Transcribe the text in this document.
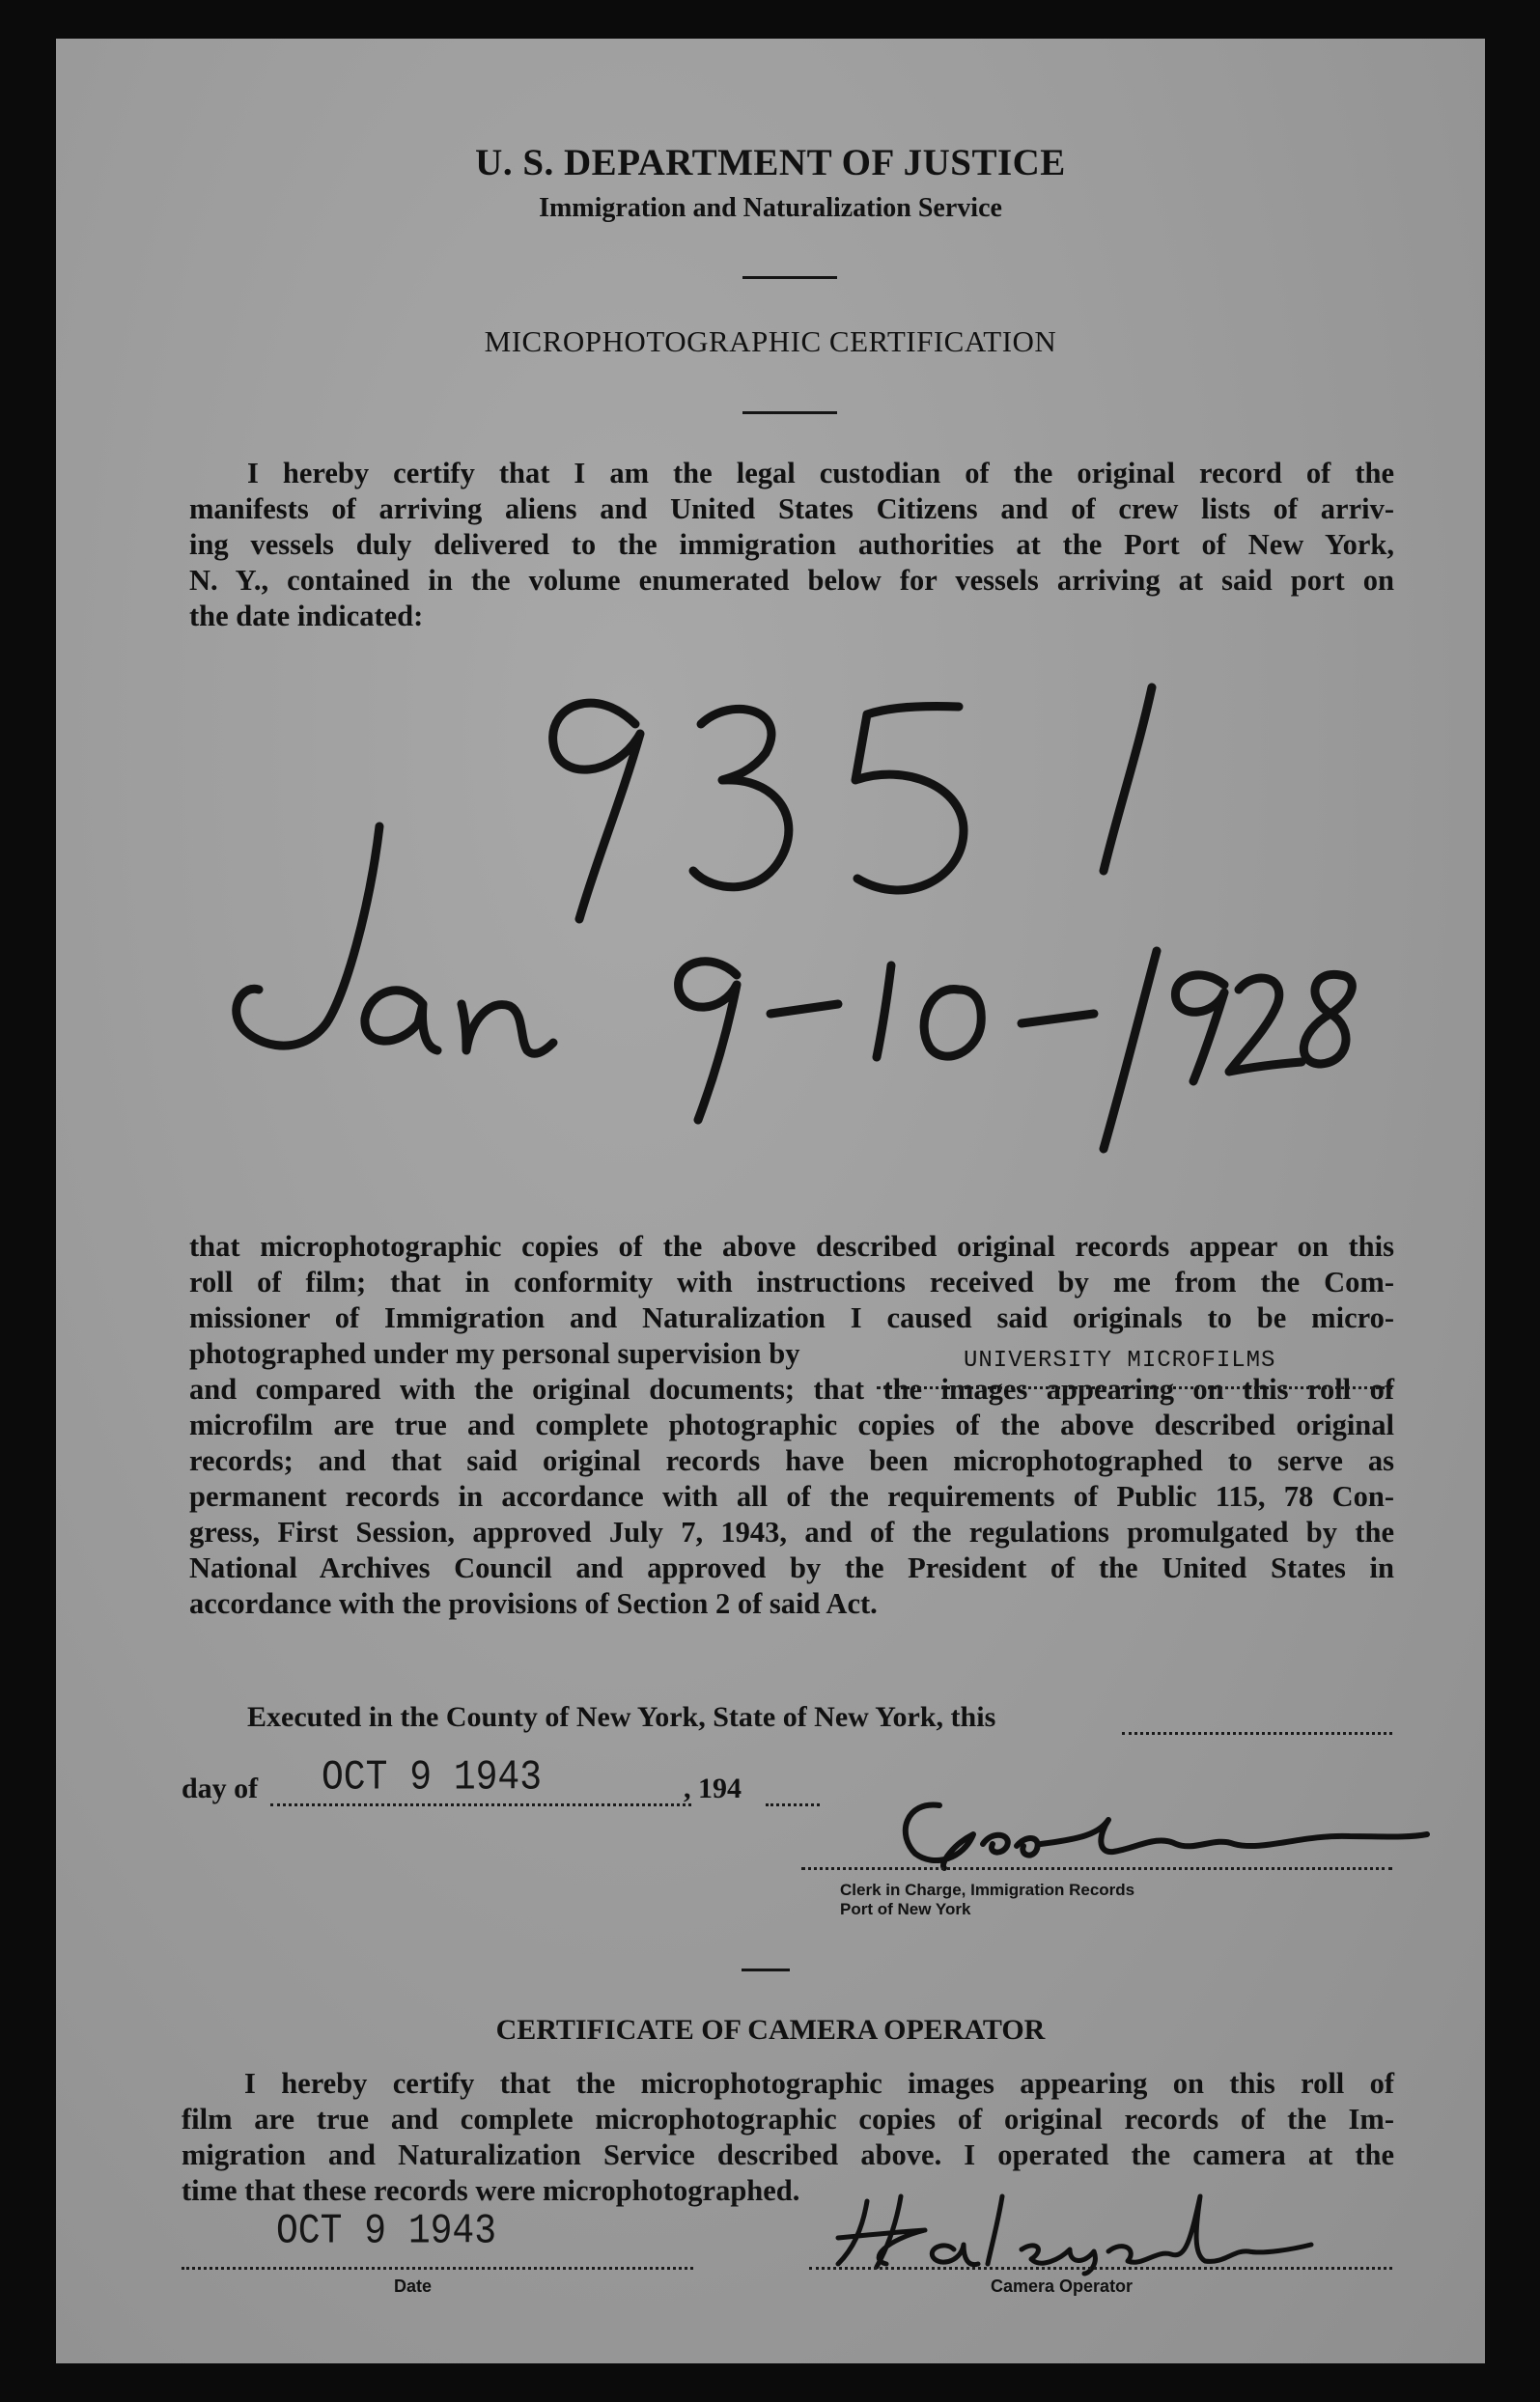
U. S. DEPARTMENT OF JUSTICE
Immigration and Naturalization Service
MICROPHOTOGRAPHIC CERTIFICATION
I hereby certify that I am the legal custodian of the original record of the
manifests of arriving aliens and United States Citizens and of crew lists of arriv-
ing vessels duly delivered to the immigration authorities at the Port of New York,
N. Y., contained in the volume enumerated below for vessels arriving at said port on
the date indicated:
that microphotographic copies of the above described original records appear on this
roll of film; that in conformity with instructions received by me from the Com-
missioner of Immigration and Naturalization I caused said originals to be micro-
photographed under my personal supervision by
and compared with the original documents; that the images appearing on this roll of
microfilm are true and complete photographic copies of the above described original
records; and that said original records have been microphotographed to serve as
permanent records in accordance with all of the requirements of Public 115, 78 Con-
gress, First Session, approved July 7, 1943, and of the regulations promulgated by the
National Archives Council and approved by the President of the United States in
accordance with the provisions of Section 2 of said Act.
UNIVERSITY MICROFILMS
Executed in the County of New York, State of New York, this
day of OCT 9 1943	, 194
Clerk in Charge, Immigration Records
Port of New York
CERTIFICATE OF CAMERA OPERATOR
I hereby certify that the microphotographic images appearing on this roll of
film are true and complete microphotographic copies of original records of the Im-
migration and Naturalization Service described above. I operated the camera at the
time that these records were microphotographed.
OCT 9 1943
Date	Camera Operator
